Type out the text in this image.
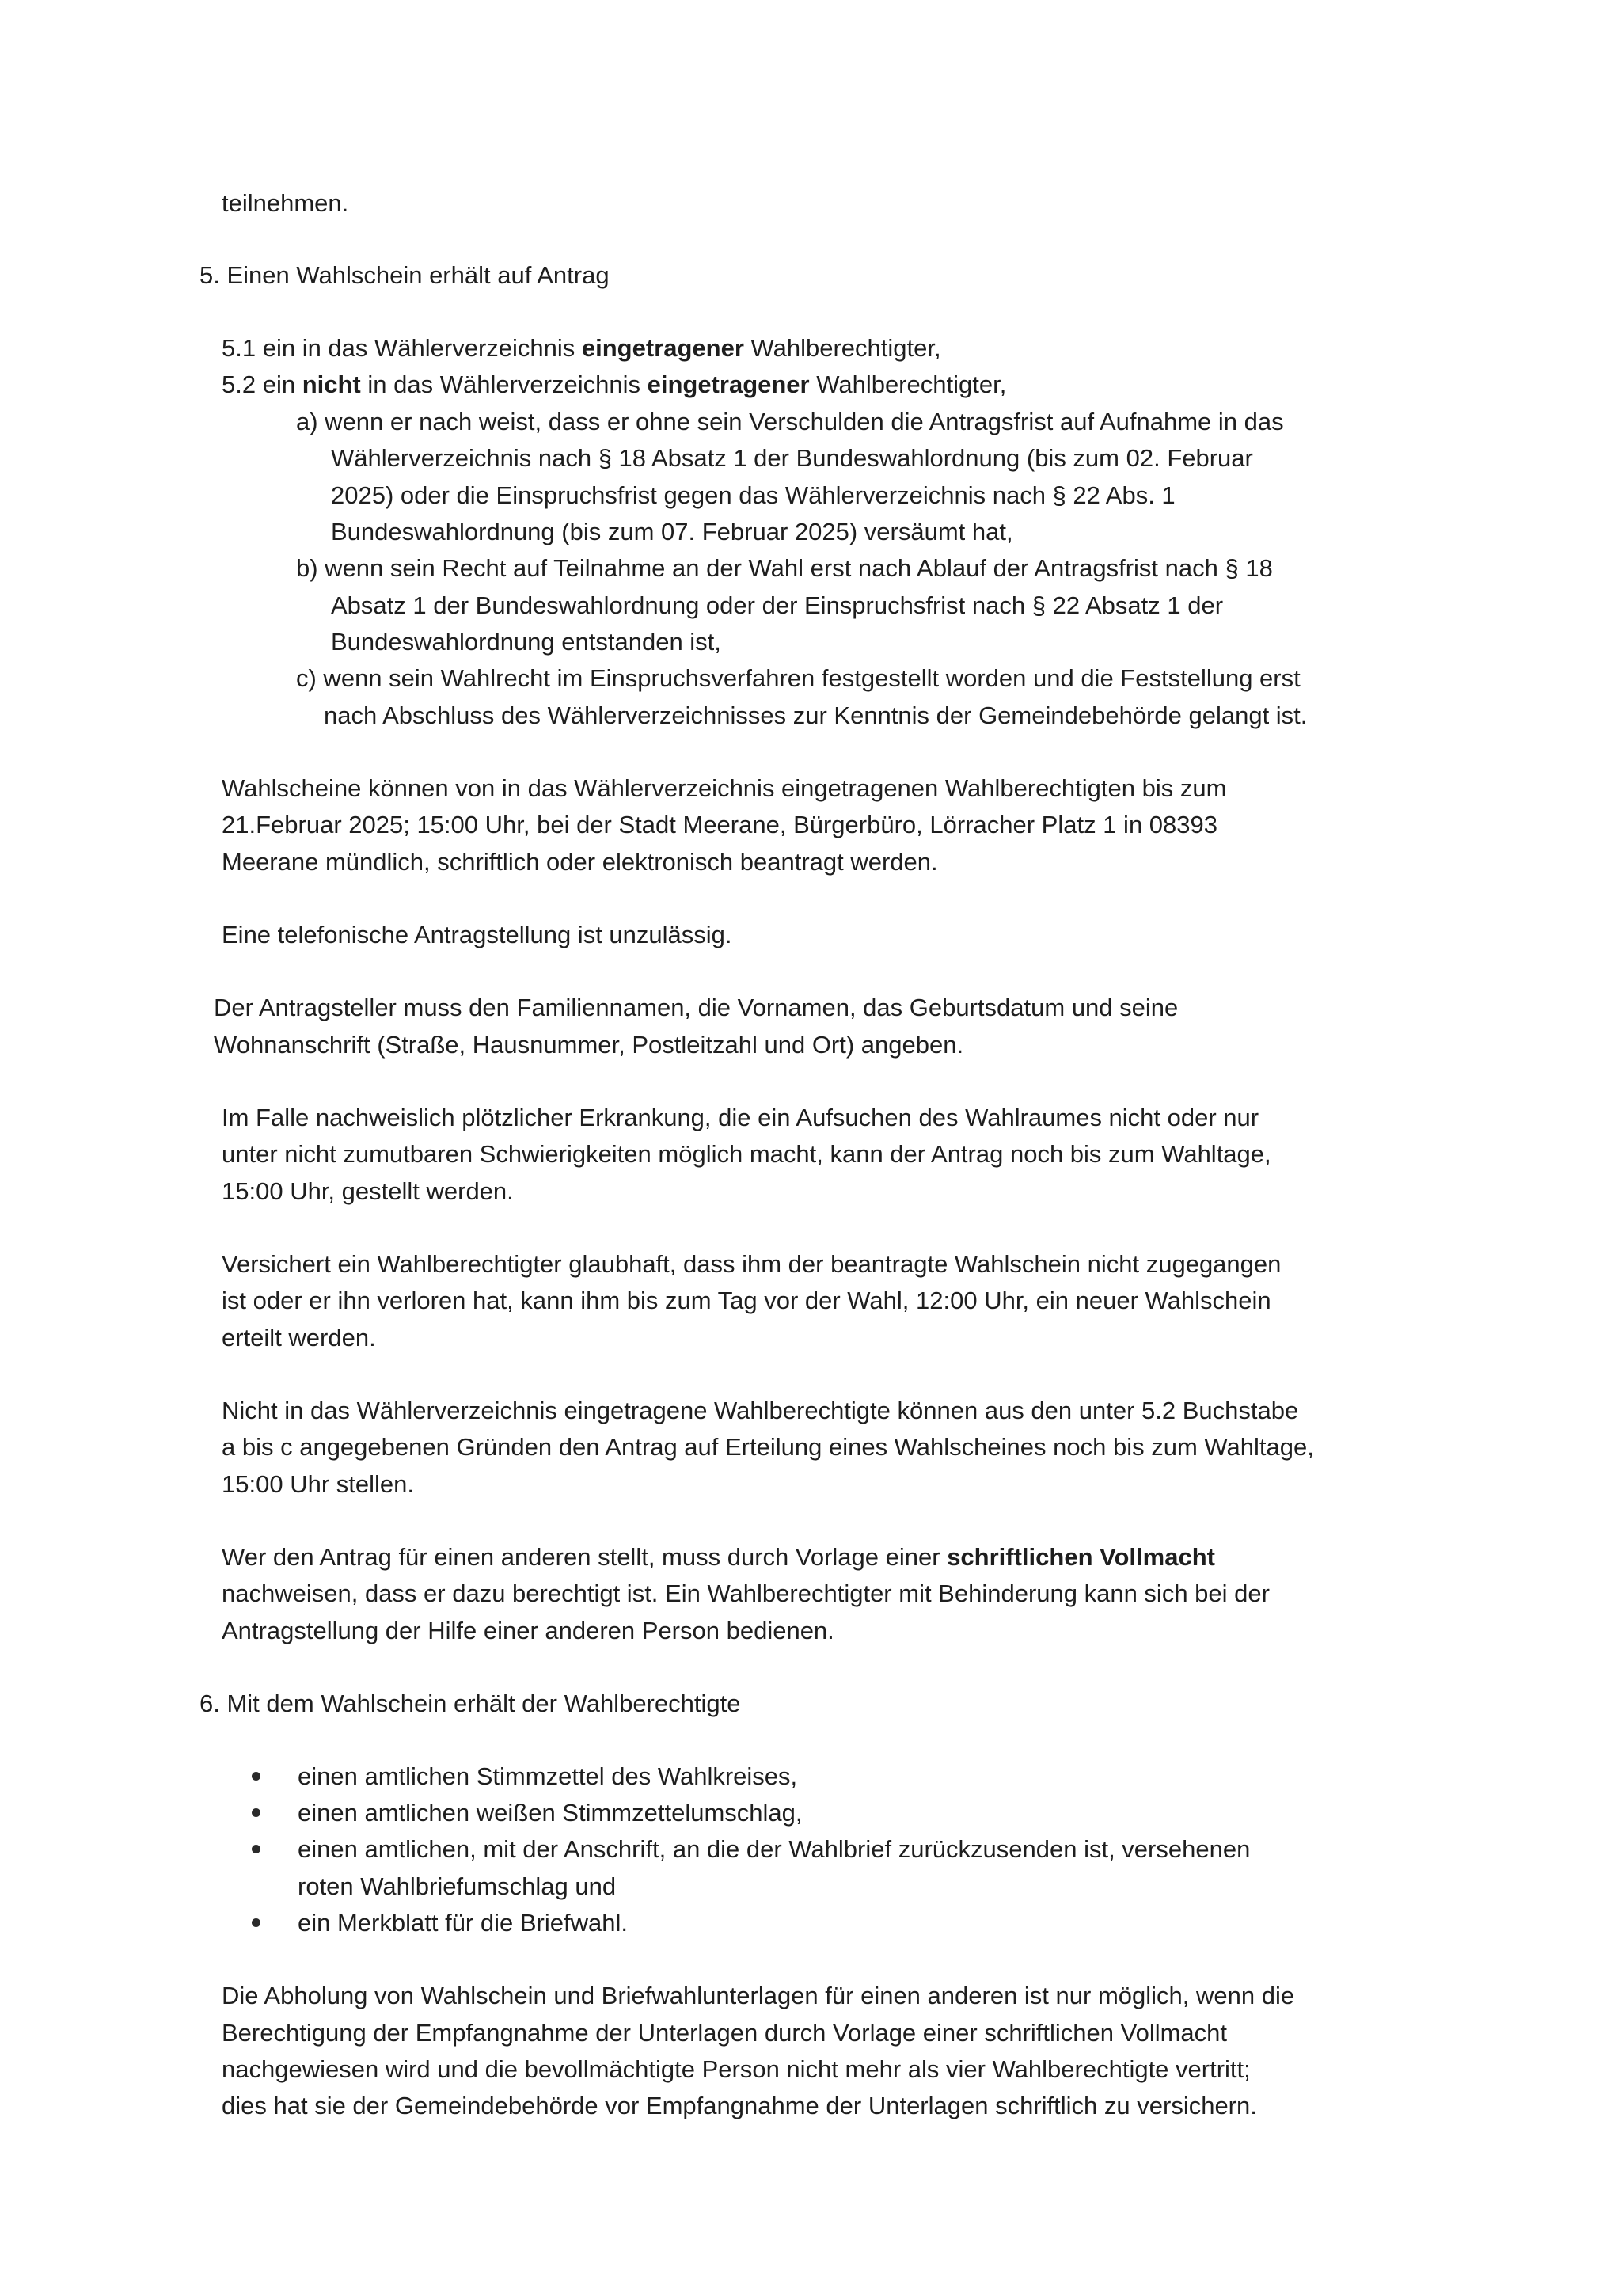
teilnehmen.
5. Einen Wahlschein erhält auf Antrag
5.1 ein in das Wählerverzeichnis eingetragener Wahlberechtigter,
5.2 ein nicht in das Wählerverzeichnis eingetragener Wahlberechtigter,
a) wenn er nach weist, dass er ohne sein Verschulden die Antragsfrist auf Aufnahme in das
Wählerverzeichnis nach § 18 Absatz 1 der Bundeswahlordnung (bis zum 02. Februar
2025) oder die Einspruchsfrist gegen das Wählerverzeichnis nach § 22 Abs. 1
Bundeswahlordnung (bis zum 07. Februar 2025) versäumt hat,
b) wenn sein Recht auf Teilnahme an der Wahl erst nach Ablauf der Antragsfrist nach § 18
Absatz 1 der Bundeswahlordnung oder der Einspruchsfrist nach § 22 Absatz 1 der
Bundeswahlordnung entstanden ist,
c) wenn sein Wahlrecht im Einspruchsverfahren festgestellt worden und die Feststellung erst
nach Abschluss des Wählerverzeichnisses zur Kenntnis der Gemeindebehörde gelangt ist.
Wahlscheine können von in das Wählerverzeichnis eingetragenen Wahlberechtigten bis zum
21.Februar 2025; 15:00 Uhr, bei der Stadt Meerane, Bürgerbüro, Lörracher Platz 1 in 08393
Meerane mündlich, schriftlich oder elektronisch beantragt werden.
Eine telefonische Antragstellung ist unzulässig.
Der Antragsteller muss den Familiennamen, die Vornamen, das Geburtsdatum und seine
Wohnanschrift (Straße, Hausnummer, Postleitzahl und Ort) angeben.
Im Falle nachweislich plötzlicher Erkrankung, die ein Aufsuchen des Wahlraumes nicht oder nur
unter nicht zumutbaren Schwierigkeiten möglich macht, kann der Antrag noch bis zum Wahltage,
15:00 Uhr, gestellt werden.
Versichert ein Wahlberechtigter glaubhaft, dass ihm der beantragte Wahlschein nicht zugegangen
ist oder er ihn verloren hat, kann ihm bis zum Tag vor der Wahl, 12:00 Uhr, ein neuer Wahlschein
erteilt werden.
Nicht in das Wählerverzeichnis eingetragene Wahlberechtigte können aus den unter 5.2 Buchstabe
a bis c angegebenen Gründen den Antrag auf Erteilung eines Wahlscheines noch bis zum Wahltage,
15:00 Uhr stellen.
Wer den Antrag für einen anderen stellt, muss durch Vorlage einer schriftlichen Vollmacht
nachweisen, dass er dazu berechtigt ist. Ein Wahlberechtigter mit Behinderung kann sich bei der
Antragstellung der Hilfe einer anderen Person bedienen.
6. Mit dem Wahlschein erhält der Wahlberechtigte
einen amtlichen Stimmzettel des Wahlkreises,
einen amtlichen weißen Stimmzettelumschlag,
einen amtlichen, mit der Anschrift, an die der Wahlbrief zurückzusenden ist, versehenen
roten Wahlbriefumschlag und
ein Merkblatt für die Briefwahl.
Die Abholung von Wahlschein und Briefwahlunterlagen für einen anderen ist nur möglich, wenn die
Berechtigung der Empfangnahme der Unterlagen durch Vorlage einer schriftlichen Vollmacht
nachgewiesen wird und die bevollmächtigte Person nicht mehr als vier Wahlberechtigte vertritt;
dies hat sie der Gemeindebehörde vor Empfangnahme der Unterlagen schriftlich zu versichern.
